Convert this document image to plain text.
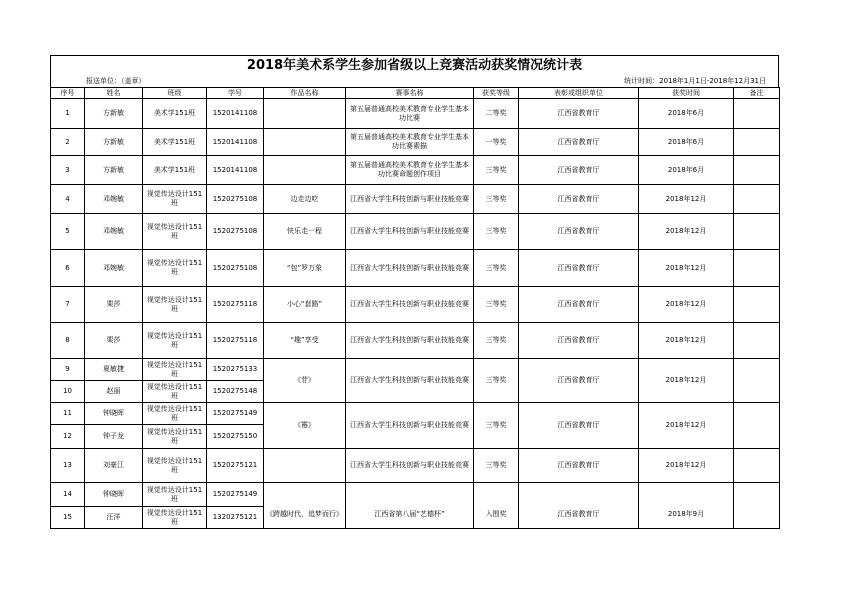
2018年美术系学生参加省级以上竞赛活动获奖情况统计表
报送单位：（盖章）	统计时间：2018年1月1日-2018年12月31日
序号	姓名	班级	学号	作品名称	赛事名称	获奖等级	表彰或组织单位	获奖时间	备注
1	方新敏	美术学151班	1520141108		第五届普通高校美术教育专业学生基本功比赛	二等奖	江西省教育厅	2018年6月	
2	方新敏	美术学151班	1520141108		第五届普通高校美术教育专业学生基本功比赛素描	一等奖	江西省教育厅	2018年6月	
3	方新敏	美术学151班	1520141108		第五届普通高校美术教育专业学生基本功比赛命题创作项目	三等奖	江西省教育厅	2018年6月	
4	邓婉敏	视觉传达设计151班	1520275108	边走边吃	江西省大学生科技创新与职业技能竞赛	三等奖	江西省教育厅	2018年12月	
5	邓婉敏	视觉传达设计151班	1520275108	快乐走一程	江西省大学生科技创新与职业技能竞赛	三等奖	江西省教育厅	2018年12月	
6	邓婉敏	视觉传达设计151班	1520275108	“包”罗万象	江西省大学生科技创新与职业技能竞赛	三等奖	江西省教育厅	2018年12月	
7	栗莎	视觉传达设计151班	1520275118	小心“套路”	江西省大学生科技创新与职业技能竞赛	三等奖	江西省教育厅	2018年12月	
8	栗莎	视觉传达设计151班	1520275118	“趣”享受	江西省大学生科技创新与职业技能竞赛	三等奖	江西省教育厅	2018年12月	
9	夏敏捷	视觉传达设计151班	1520275133	《苷》	江西省大学生科技创新与职业技能竞赛	三等奖	江西省教育厅	2018年12月	
10	赵丽	视觉传达设计151班	1520275148						
11	钟晓晖	视觉传达设计151班	1520275149	《霉》	江西省大学生科技创新与职业技能竞赛	三等奖	江西省教育厅	2018年12月	
12	钟子龙	视觉传达设计151班	1520275150						
13	刘豪江	视觉传达设计151班	1520275121		江西省大学生科技创新与职业技能竞赛	三等奖	江西省教育厅	2018年12月	
14	钟晓晖	视觉传达设计151班	1520275149	《跨越时代，追梦而行》	江西省第八届“艺德杯”	入围奖	江西省教育厅	2018年9月	
15	汪洋	视觉传达设计151班	1320275121						
